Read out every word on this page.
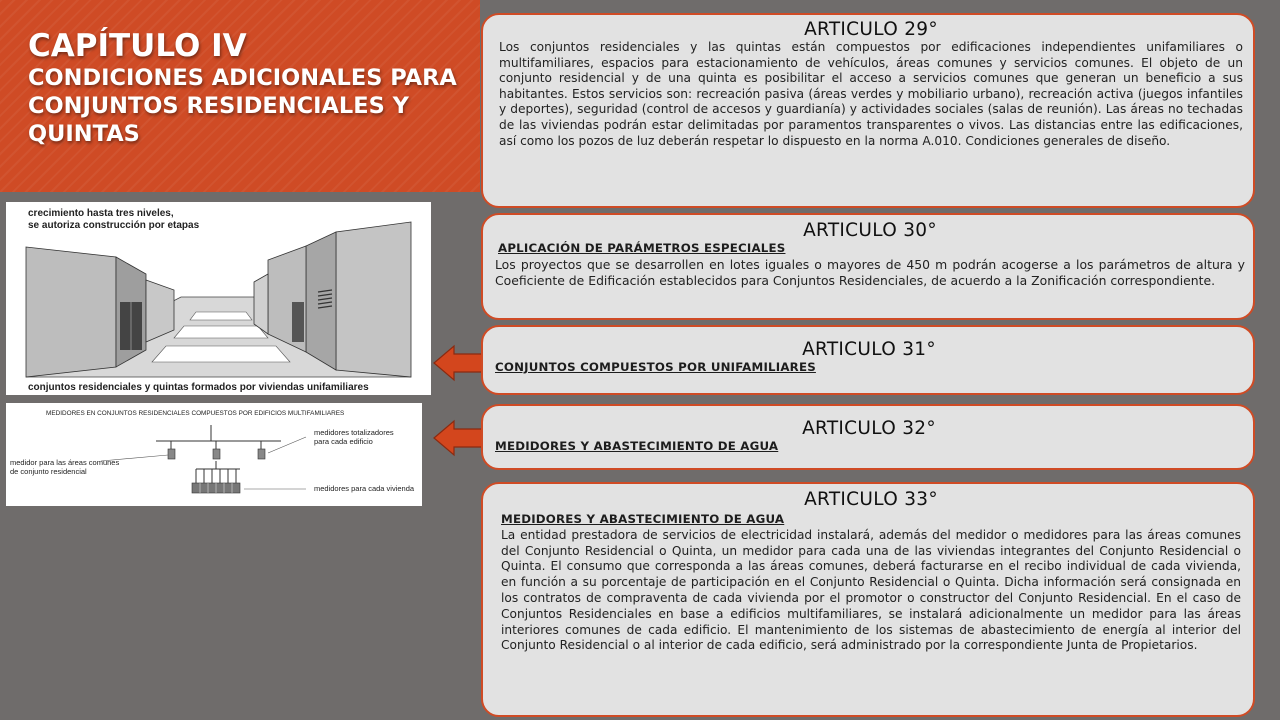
CAPÍTULO IV
CONDICIONES ADICIONALES PARA CONJUNTOS RESIDENCIALES Y QUINTAS
crecimiento hasta tres niveles,
se autoriza construcción por etapas
conjuntos residenciales y quintas formados por viviendas unifamiliares
MEDIDORES EN CONJUNTOS RESIDENCIALES COMPUESTOS POR EDIFICIOS MULTIFAMILIARES
medidor para las áreas comunes
de conjunto residencial
medidores totalizadores
para cada edificio
medidores para cada vivienda
ARTICULO 29°

Los conjuntos residenciales y las quintas están compuestos por edificaciones independientes unifamiliares o multifamiliares, espacios para estacionamiento de vehículos, áreas comunes y servicios comunes. El objeto de un conjunto residencial y de una quinta es posibilitar el acceso a servicios comunes que generan un beneficio a sus habitantes. Estos servicios son: recreación pasiva (áreas verdes y mobiliario urbano), recreación activa (juegos infantiles y deportes), seguridad (control de accesos y guardianía) y actividades sociales (salas de reunión). Las áreas no techadas de las viviendas podrán estar delimitadas por paramentos transparentes o vivos. Las distancias entre las edificaciones, así como los pozos de luz deberán respetar lo dispuesto en la norma A.010. Condiciones generales de diseño.

ARTICULO 30°

APLICACIÓN DE PARÁMETROS ESPECIALES

Los proyectos que se desarrollen en lotes iguales o mayores de 450 m podrán acogerse a los parámetros de altura y Coeficiente de Edificación establecidos para Conjuntos Residenciales, de acuerdo a la Zonificación correspondiente.

ARTICULO 31°

CONJUNTOS COMPUESTOS POR UNIFAMILIARES

ARTICULO 32°

MEDIDORES Y ABASTECIMIENTO DE AGUA

ARTICULO 33°

MEDIDORES Y ABASTECIMIENTO DE AGUA

La entidad prestadora de servicios de electricidad instalará, además del medidor o medidores para las áreas comunes del Conjunto Residencial o Quinta, un medidor para cada una de las viviendas integrantes del Conjunto Residencial o Quinta. El consumo que corresponda a las áreas comunes, deberá facturarse en el recibo individual de cada vivienda, en función a su porcentaje de participación en el Conjunto Residencial o Quinta. Dicha información será consignada en los contratos de compraventa de cada vivienda por el promotor o constructor del Conjunto Residencial. En el caso de Conjuntos Residenciales en base a edificios multifamiliares, se instalará adicionalmente un medidor para las áreas interiores comunes de cada edificio. El mantenimiento de los sistemas de abastecimiento de energía al interior del Conjunto Residencial o al interior de cada edificio, será administrado por la correspondiente Junta de Propietarios.
